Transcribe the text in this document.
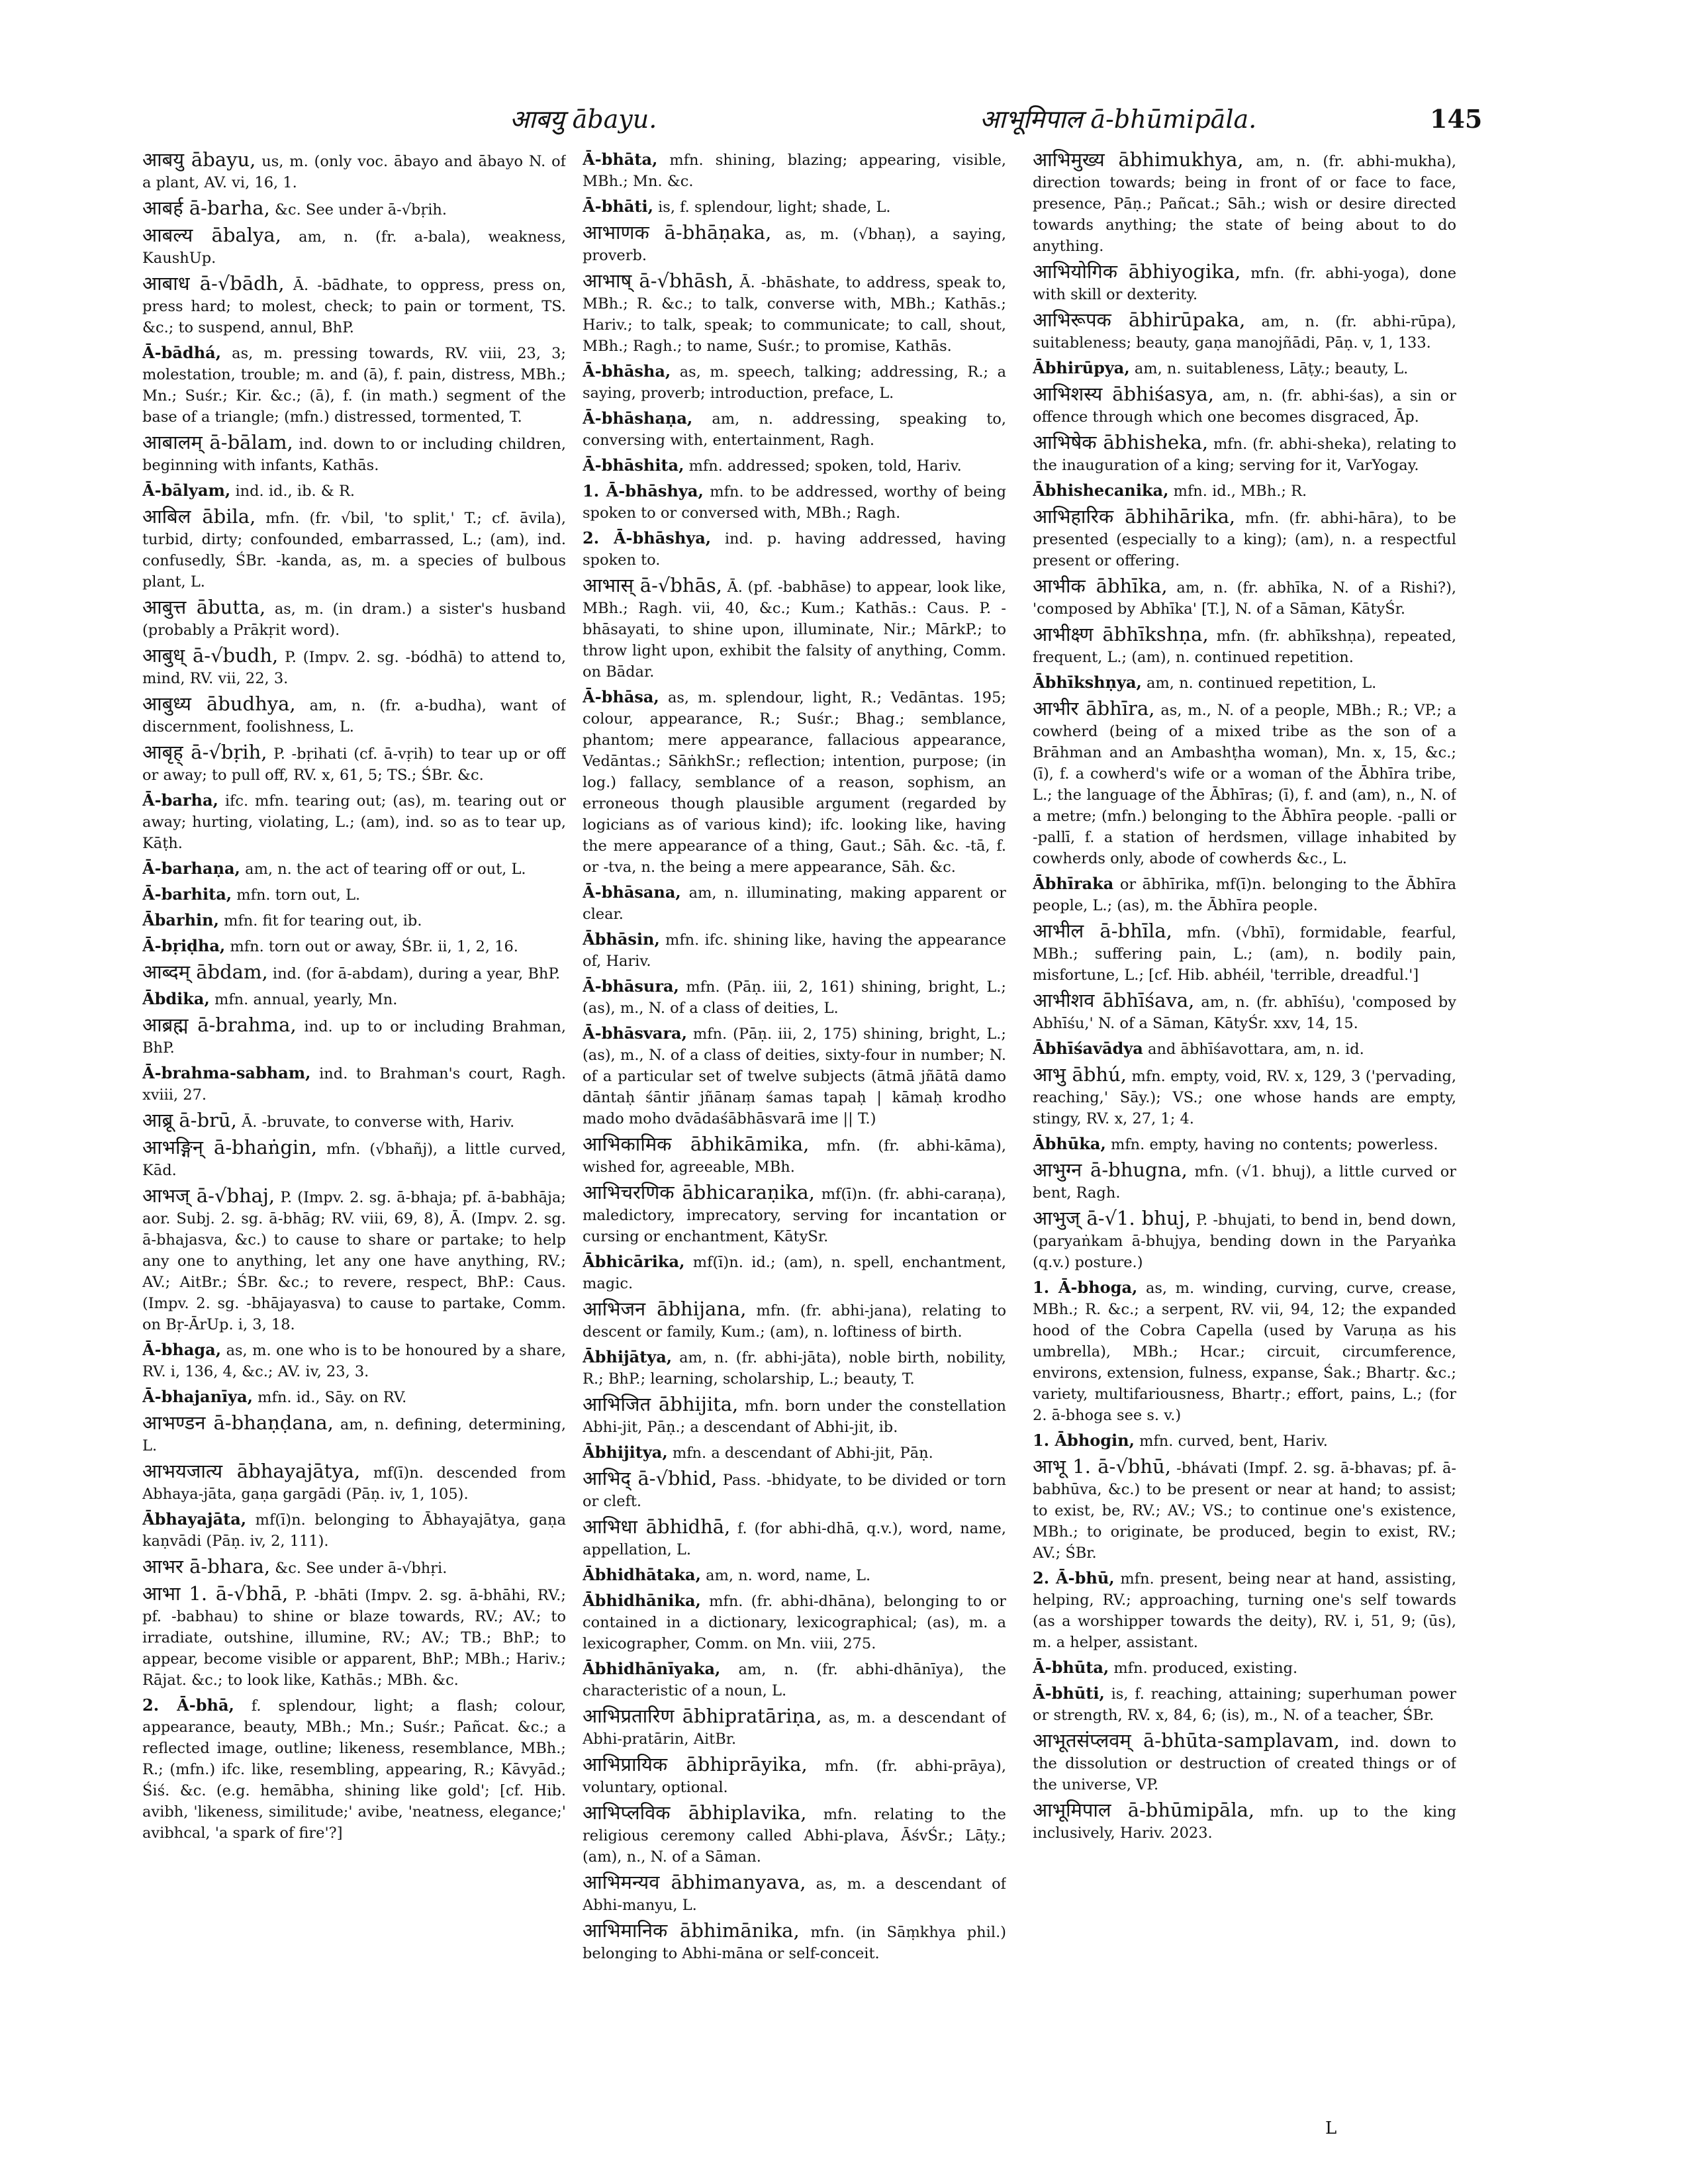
आबयु ābayu.	आभूमिपाल ā-bhūmipāla.	145

आबयु ābayu, us, m. (only voc. ābayo and ābayo N. of a plant, AV. vi, 16, 1.

आबर्ह ā-barha, &c. See under ā-√bṛih.

आबल्य ābalya, am, n. (fr. a-bala), weakness, KaushUp.

आबाध ā-√bādh, Ā. -bādhate, to oppress, press on, press hard; to molest, check; to pain or torment, TS. &c.; to suspend, annul, BhP.

Ā-bādhá, as, m. pressing towards, RV. viii, 23, 3; molestation, trouble; m. and (ā), f. pain, distress, MBh.; Mn.; Suśr.; Kir. &c.; (ā), f. (in math.) segment of the base of a triangle; (mfn.) distressed, tormented, T.

आबालम् ā-bālam, ind. down to or including children, beginning with infants, Kathās.

Ā-bālyam, ind. id., ib. & R.

आबिल ābila, mfn. (fr. √bil, 'to split,' T.; cf. āvila), turbid, dirty; confounded, embarrassed, L.; (am), ind. confusedly, ŚBr. -kanda, as, m. a species of bulbous plant, L.

आबुत्त ābutta, as, m. (in dram.) a sister's husband (probably a Prākṛit word).

आबुध् ā-√budh, P. (Impv. 2. sg. -bódhā) to attend to, mind, RV. vii, 22, 3.

आबुध्य ābudhya, am, n. (fr. a-budha), want of discernment, foolishness, L.

आबृह् ā-√bṛih, P. -bṛihati (cf. ā-vṛih) to tear up or off or away; to pull off, RV. x, 61, 5; TS.; ŚBr. &c.

Ā-barha, ifc. mfn. tearing out; (as), m. tearing out or away; hurting, violating, L.; (am), ind. so as to tear up, Kāṭh.

Ā-barhaṇa, am, n. the act of tearing off or out, L.

Ā-barhita, mfn. torn out, L.

Ābarhin, mfn. fit for tearing out, ib.

Ā-bṛiḍha, mfn. torn out or away, ŚBr. ii, 1, 2, 16.

आब्दम् ābdam, ind. (for ā-abdam), during a year, BhP.

Ābdika, mfn. annual, yearly, Mn.

आब्रह्म ā-brahma, ind. up to or including Brahman, BhP.

Ā-brahma-sabham, ind. to Brahman's court, Ragh. xviii, 27.

आब्रू ā-brū, Ā. -bruvate, to converse with, Hariv.

आभङ्गिन् ā-bhaṅgin, mfn. (√bhañj), a little curved, Kād.

आभज् ā-√bhaj, P. (Impv. 2. sg. ā-bhaja; pf. ā-babhāja; aor. Subj. 2. sg. ā-bhāg; RV. viii, 69, 8), Ā. (Impv. 2. sg. ā-bhajasva, &c.) to cause to share or partake; to help any one to anything, let any one have anything, RV.; AV.; AitBr.; ŚBr. &c.; to revere, respect, BhP.: Caus. (Impv. 2. sg. -bhājayasva) to cause to partake, Comm. on Bṛ-ĀrUp. i, 3, 18.

Ā-bhaga, as, m. one who is to be honoured by a share, RV. i, 136, 4, &c.; AV. iv, 23, 3.

Ā-bhajanīya, mfn. id., Sāy. on RV.

आभण्डन ā-bhaṇḍana, am, n. defining, determining, L.

आभयजात्य ābhayajātya, mf(ī)n. descended from Abhaya-jāta, gaṇa gargādi (Pāṇ. iv, 1, 105).

Ābhayajāta, mf(ī)n. belonging to Ābhayajātya, gaṇa kaṇvādi (Pāṇ. iv, 2, 111).

आभर ā-bhara, &c. See under ā-√bhṛi.

आभा 1. ā-√bhā, P. -bhāti (Impv. 2. sg. ā-bhāhi, RV.; pf. -babhau) to shine or blaze towards, RV.; AV.; to irradiate, outshine, illumine, RV.; AV.; TB.; BhP.; to appear, become visible or apparent, BhP.; MBh.; Hariv.; Rājat. &c.; to look like, Kathās.; MBh. &c.

2. Ā-bhā, f. splendour, light; a flash; colour, appearance, beauty, MBh.; Mn.; Suśr.; Pañcat. &c.; a reflected image, outline; likeness, resemblance, MBh.; R.; (mfn.) ifc. like, resembling, appearing, R.; Kāvyād.; Śiś. &c. (e.g. hemābha, shining like gold'; [cf. Hib. avibh, 'likeness, similitude;' avibe, 'neatness, elegance;' avibhcal, 'a spark of fire'?]

Ā-bhāta, mfn. shining, blazing; appearing, visible, MBh.; Mn. &c.

Ā-bhāti, is, f. splendour, light; shade, L.

आभाणक ā-bhāṇaka, as, m. (√bhaṇ), a saying, proverb.

आभाष् ā-√bhāsh, Ā. -bhāshate, to address, speak to, MBh.; R. &c.; to talk, converse with, MBh.; Kathās.; Hariv.; to talk, speak; to communicate; to call, shout, MBh.; Ragh.; to name, Suśr.; to promise, Kathās.

Ā-bhāsha, as, m. speech, talking; addressing, R.; a saying, proverb; introduction, preface, L.

Ā-bhāshaṇa, am, n. addressing, speaking to, conversing with, entertainment, Ragh.

Ā-bhāshita, mfn. addressed; spoken, told, Hariv.

1. Ā-bhāshya, mfn. to be addressed, worthy of being spoken to or conversed with, MBh.; Ragh.

2. Ā-bhāshya, ind. p. having addressed, having spoken to.

आभास् ā-√bhās, Ā. (pf. -babhāse) to appear, look like, MBh.; Ragh. vii, 40, &c.; Kum.; Kathās.: Caus. P. -bhāsayati, to shine upon, illuminate, Nir.; MārkP.; to throw light upon, exhibit the falsity of anything, Comm. on Bādar.

Ā-bhāsa, as, m. splendour, light, R.; Vedāntas. 195; colour, appearance, R.; Suśr.; Bhag.; semblance, phantom; mere appearance, fallacious appearance, Vedāntas.; SāṅkhSr.; reflection; intention, purpose; (in log.) fallacy, semblance of a reason, sophism, an erroneous though plausible argument (regarded by logicians as of various kind); ifc. looking like, having the mere appearance of a thing, Gaut.; Sāh. &c. -tā, f. or -tva, n. the being a mere appearance, Sāh. &c.

Ā-bhāsana, am, n. illuminating, making apparent or clear.

Ābhāsin, mfn. ifc. shining like, having the appearance of, Hariv.

Ā-bhāsura, mfn. (Pāṇ. iii, 2, 161) shining, bright, L.; (as), m., N. of a class of deities, L.

Ā-bhāsvara, mfn. (Pāṇ. iii, 2, 175) shining, bright, L.; (as), m., N. of a class of deities, sixty-four in number; N. of a particular set of twelve subjects (ātmā jñātā damo dāntaḥ śāntir jñānaṃ śamas tapaḥ | kāmaḥ krodho mado moho dvādaśābhāsvarā ime || T.)

आभिकामिक ābhikāmika, mfn. (fr. abhi-kāma), wished for, agreeable, MBh.

आभिचरणिक ābhicaraṇika, mf(ī)n. (fr. abhi-caraṇa), maledictory, imprecatory, serving for incantation or cursing or enchantment, KātySr.

Ābhicārika, mf(ī)n. id.; (am), n. spell, enchantment, magic.

आभिजन ābhijana, mfn. (fr. abhi-jana), relating to descent or family, Kum.; (am), n. loftiness of birth.

Ābhijātya, am, n. (fr. abhi-jāta), noble birth, nobility, R.; BhP.; learning, scholarship, L.; beauty, T.

आभिजित ābhijita, mfn. born under the constellation Abhi-jit, Pāṇ.; a descendant of Abhi-jit, ib.

Ābhijitya, mfn. a descendant of Abhi-jit, Pāṇ.

आभिद् ā-√bhid, Pass. -bhidyate, to be divided or torn or cleft.

आभिधा ābhidhā, f. (for abhi-dhā, q.v.), word, name, appellation, L.

Ābhidhātaka, am, n. word, name, L.

Ābhidhānika, mfn. (fr. abhi-dhāna), belonging to or contained in a dictionary, lexicographical; (as), m. a lexicographer, Comm. on Mn. viii, 275.

Ābhidhānīyaka, am, n. (fr. abhi-dhānīya), the characteristic of a noun, L.

आभिप्रतारिण ābhipratāriṇa, as, m. a descendant of Abhi-pratārin, AitBr.

आभिप्रायिक ābhiprāyika, mfn. (fr. abhi-prāya), voluntary, optional.

आभिप्लविक ābhiplavika, mfn. relating to the religious ceremony called Abhi-plava, ĀśvŚr.; Lāṭy.; (am), n., N. of a Sāman.

आभिमन्यव ābhimanyava, as, m. a descendant of Abhi-manyu, L.

आभिमानिक ābhimānika, mfn. (in Sāṃkhya phil.) belonging to Abhi-māna or self-conceit.

आभिमुख्य ābhimukhya, am, n. (fr. abhi-mukha), direction towards; being in front of or face to face, presence, Pāṇ.; Pañcat.; Sāh.; wish or desire directed towards anything; the state of being about to do anything.

आभियोगिक ābhiyogika, mfn. (fr. abhi-yoga), done with skill or dexterity.

आभिरूपक ābhirūpaka, am, n. (fr. abhi-rūpa), suitableness; beauty, gaṇa manojñādi, Pāṇ. v, 1, 133.

Ābhirūpya, am, n. suitableness, Lāṭy.; beauty, L.

आभिशस्य ābhiśasya, am, n. (fr. abhi-śas), a sin or offence through which one becomes disgraced, Āp.

आभिषेक ābhisheka, mfn. (fr. abhi-sheka), relating to the inauguration of a king; serving for it, VarYogay.

Ābhishecanika, mfn. id., MBh.; R.

आभिहारिक ābhihārika, mfn. (fr. abhi-hāra), to be presented (especially to a king); (am), n. a respectful present or offering.

आभीक ābhīka, am, n. (fr. abhīka, N. of a Rishi?), 'composed by Abhīka' [T.], N. of a Sāman, KātyŚr.

आभीक्ष्ण ābhīkshṇa, mfn. (fr. abhīkshṇa), repeated, frequent, L.; (am), n. continued repetition.

Ābhīkshṇya, am, n. continued repetition, L.

आभीर ābhīra, as, m., N. of a people, MBh.; R.; VP.; a cowherd (being of a mixed tribe as the son of a Brāhman and an Ambashṭha woman), Mn. x, 15, &c.; (ī), f. a cowherd's wife or a woman of the Ābhīra tribe, L.; the language of the Ābhīras; (ī), f. and (am), n., N. of a metre; (mfn.) belonging to the Ābhīra people. -palli or -pallī, f. a station of herdsmen, village inhabited by cowherds only, abode of cowherds &c., L.

Ābhīraka or ābhīrika, mf(ī)n. belonging to the Ābhīra people, L.; (as), m. the Ābhīra people.

आभील ā-bhīla, mfn. (√bhī), formidable, fearful, MBh.; suffering pain, L.; (am), n. bodily pain, misfortune, L.; [cf. Hib. abhéil, 'terrible, dreadful.']

आभीशव ābhīśava, am, n. (fr. abhīśu), 'composed by Abhīśu,' N. of a Sāman, KātyŚr. xxv, 14, 15.

Ābhīśavādya and ābhīśavottara, am, n. id.

आभु ābhú, mfn. empty, void, RV. x, 129, 3 ('pervading, reaching,' Sāy.); VS.; one whose hands are empty, stingy, RV. x, 27, 1; 4.

Ābhūka, mfn. empty, having no contents; powerless.

आभुग्न ā-bhugna, mfn. (√1. bhuj), a little curved or bent, Ragh.

आभुज् ā-√1. bhuj, P. -bhujati, to bend in, bend down, (paryaṅkam ā-bhujya, bending down in the Paryaṅka (q.v.) posture.)

1. Ā-bhoga, as, m. winding, curving, curve, crease, MBh.; R. &c.; a serpent, RV. vii, 94, 12; the expanded hood of the Cobra Capella (used by Varuṇa as his umbrella), MBh.; Hcar.; circuit, circumference, environs, extension, fulness, expanse, Śak.; Bhartṛ. &c.; variety, multifariousness, Bhartṛ.; effort, pains, L.; (for 2. ā-bhoga see s. v.)

1. Ābhogin, mfn. curved, bent, Hariv.

आभू 1. ā-√bhū, -bhávati (Impf. 2. sg. ā-bhavas; pf. ā-babhūva, &c.) to be present or near at hand; to assist; to exist, be, RV.; AV.; VS.; to continue one's existence, MBh.; to originate, be produced, begin to exist, RV.; AV.; ŚBr.

2. Ā-bhū, mfn. present, being near at hand, assisting, helping, RV.; approaching, turning one's self towards (as a worshipper towards the deity), RV. i, 51, 9; (ūs), m. a helper, assistant.

Ā-bhūta, mfn. produced, existing.

Ā-bhūti, is, f. reaching, attaining; superhuman power or strength, RV. x, 84, 6; (is), m., N. of a teacher, ŚBr.

आभूतसंप्लवम् ā-bhūta-samplavam, ind. down to the dissolution or destruction of created things or of the universe, VP.

आभूमिपाल ā-bhūmipāla, mfn. up to the king inclusively, Hariv. 2023.

L
